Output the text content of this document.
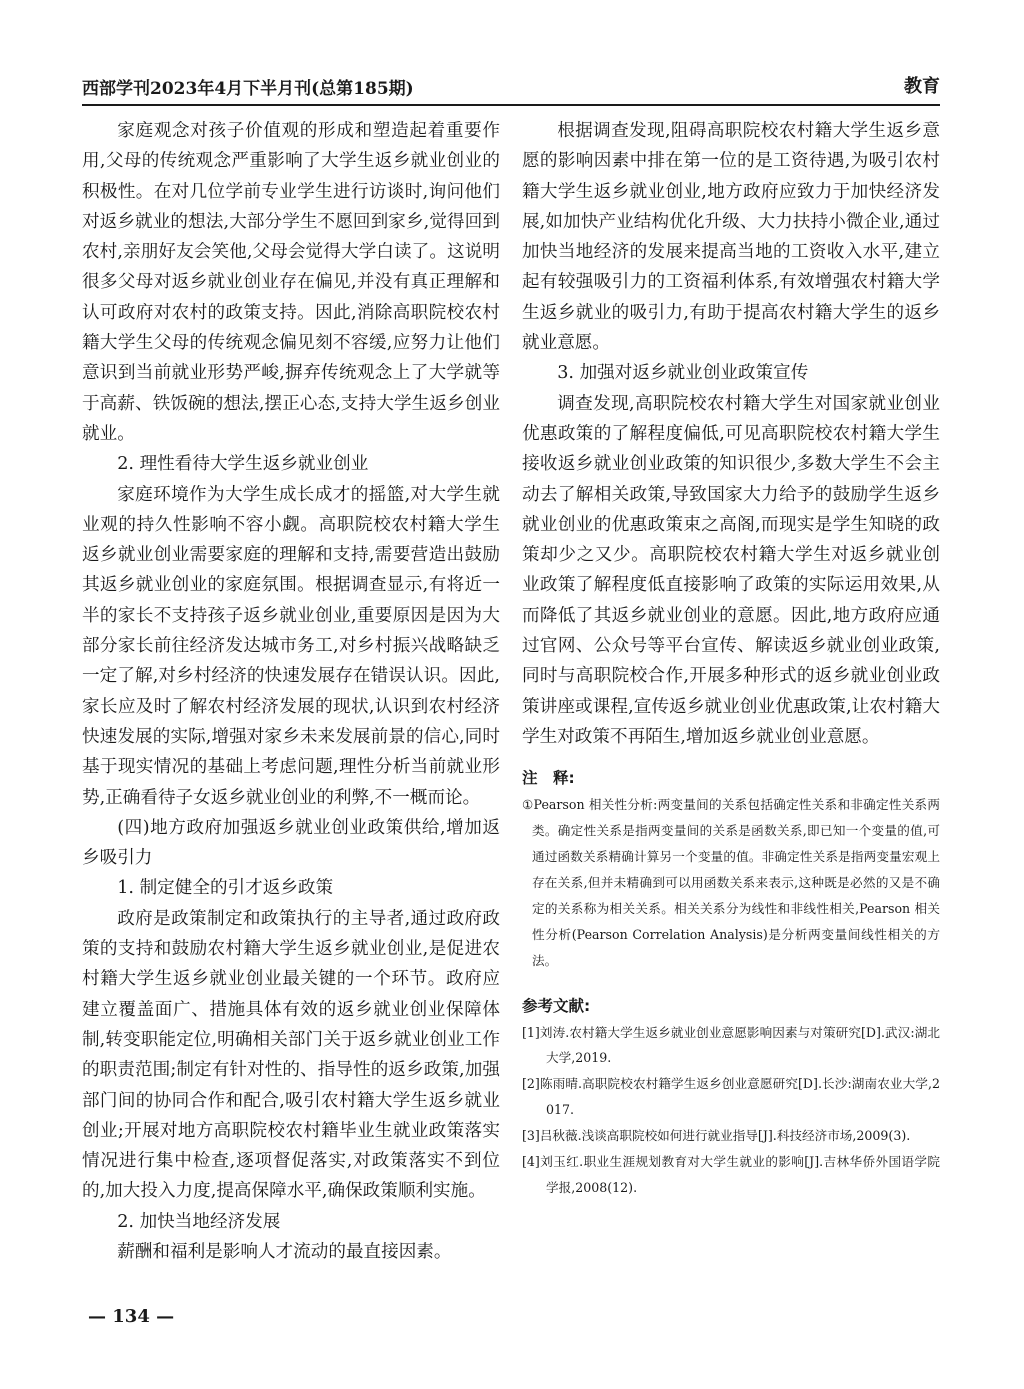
西部学刊2023年4月下半月刊(总第185期)	教育

家庭观念对孩子价值观的形成和塑造起着重要作用,父母的传统观念严重影响了大学生返乡就业创业的积极性。在对几位学前专业学生进行访谈时,询问他们对返乡就业的想法,大部分学生不愿回到家乡,觉得回到农村,亲朋好友会笑他,父母会觉得大学白读了。这说明很多父母对返乡就业创业存在偏见,并没有真正理解和认可政府对农村的政策支持。因此,消除高职院校农村籍大学生父母的传统观念偏见刻不容缓,应努力让他们意识到当前就业形势严峻,摒弃传统观念上了大学就等于高薪、铁饭碗的想法,摆正心态,支持大学生返乡创业就业。

2. 理性看待大学生返乡就业创业

家庭环境作为大学生成长成才的摇篮,对大学生就业观的持久性影响不容小觑。高职院校农村籍大学生返乡就业创业需要家庭的理解和支持,需要营造出鼓励其返乡就业创业的家庭氛围。根据调查显示,有将近一半的家长不支持孩子返乡就业创业,重要原因是因为大部分家长前往经济发达城市务工,对乡村振兴战略缺乏一定了解,对乡村经济的快速发展存在错误认识。因此,家长应及时了解农村经济发展的现状,认识到农村经济快速发展的实际,增强对家乡未来发展前景的信心,同时基于现实情况的基础上考虑问题,理性分析当前就业形势,正确看待子女返乡就业创业的利弊,不一概而论。

(四)地方政府加强返乡就业创业政策供给,增加返乡吸引力

1. 制定健全的引才返乡政策

政府是政策制定和政策执行的主导者,通过政府政策的支持和鼓励农村籍大学生返乡就业创业,是促进农村籍大学生返乡就业创业最关键的一个环节。政府应建立覆盖面广、措施具体有效的返乡就业创业保障体制,转变职能定位,明确相关部门关于返乡就业创业工作的职责范围;制定有针对性的、指导性的返乡政策,加强部门间的协同合作和配合,吸引农村籍大学生返乡就业创业;开展对地方高职院校农村籍毕业生就业政策落实情况进行集中检查,逐项督促落实,对政策落实不到位的,加大投入力度,提高保障水平,确保政策顺利实施。

2. 加快当地经济发展

薪酬和福利是影响人才流动的最直接因素。

根据调查发现,阻碍高职院校农村籍大学生返乡意愿的影响因素中排在第一位的是工资待遇,为吸引农村籍大学生返乡就业创业,地方政府应致力于加快经济发展,如加快产业结构优化升级、大力扶持小微企业,通过加快当地经济的发展来提高当地的工资收入水平,建立起有较强吸引力的工资福利体系,有效增强农村籍大学生返乡就业的吸引力,有助于提高农村籍大学生的返乡就业意愿。

3. 加强对返乡就业创业政策宣传

调查发现,高职院校农村籍大学生对国家就业创业优惠政策的了解程度偏低,可见高职院校农村籍大学生接收返乡就业创业政策的知识很少,多数大学生不会主动去了解相关政策,导致国家大力给予的鼓励学生返乡就业创业的优惠政策束之高阁,而现实是学生知晓的政策却少之又少。高职院校农村籍大学生对返乡就业创业政策了解程度低直接影响了政策的实际运用效果,从而降低了其返乡就业创业的意愿。因此,地方政府应通过官网、公众号等平台宣传、解读返乡就业创业政策,同时与高职院校合作,开展多种形式的返乡就业创业政策讲座或课程,宣传返乡就业创业优惠政策,让农村籍大学生对政策不再陌生,增加返乡就业创业意愿。

注　释:

①Pearson 相关性分析:两变量间的关系包括确定性关系和非确定性关系两类。确定性关系是指两变量间的关系是函数关系,即已知一个变量的值,可通过函数关系精确计算另一个变量的值。非确定性关系是指两变量宏观上存在关系,但并未精确到可以用函数关系来表示,这种既是必然的又是不确定的关系称为相关关系。相关关系分为线性和非线性相关,Pearson 相关性分析(Pearson Correlation Analysis)是分析两变量间线性相关的方法。

参考文献:

[1]刘涛.农村籍大学生返乡就业创业意愿影响因素与对策研究[D].武汉:湖北大学,2019.

[2]陈雨晴.高职院校农村籍学生返乡创业意愿研究[D].长沙:湖南农业大学,2017.

[3]吕秋薇.浅谈高职院校如何进行就业指导[J].科技经济市场,2009(3).

[4]刘玉红.职业生涯规划教育对大学生就业的影响[J].吉林华侨外国语学院学报,2008(12).

— 134 —
